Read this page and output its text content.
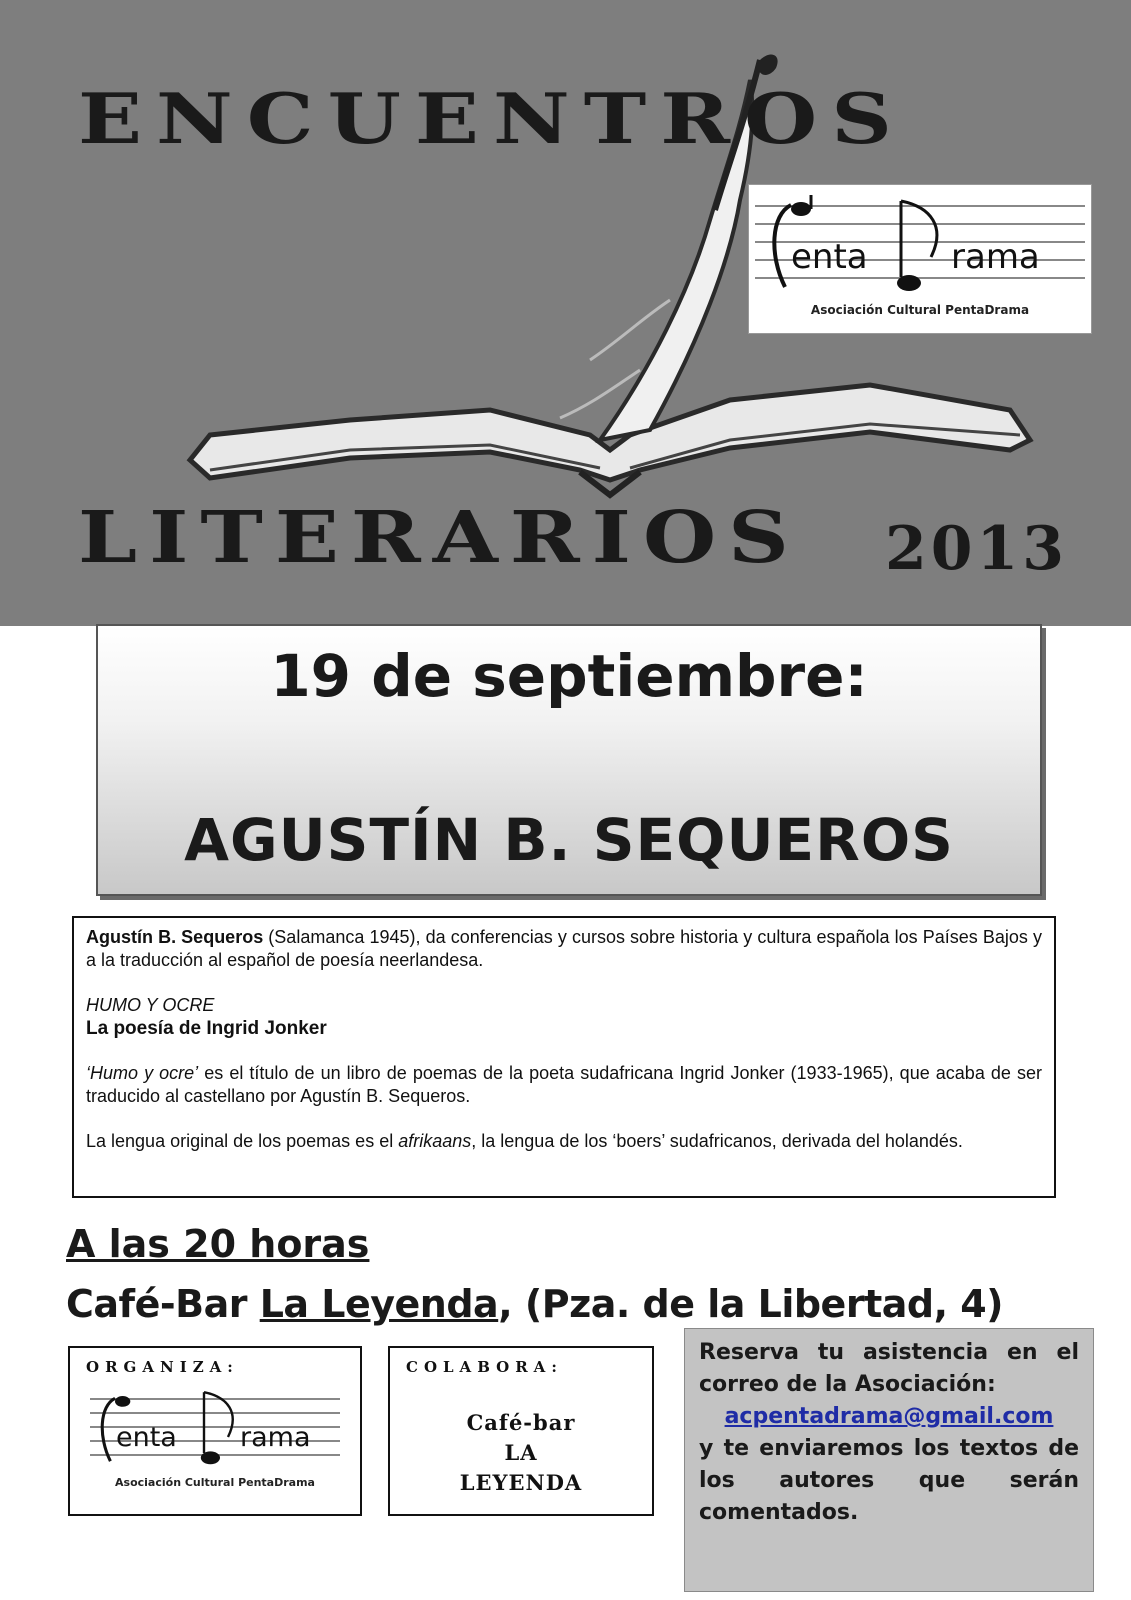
ENCUENTROS
LITERARIOS 2013
enta rama
Asociación Cultural PentaDrama
19 de septiembre:
AGUSTÍN B. SEQUEROS

Agustín B. Sequeros (Salamanca 1945), da conferencias y cursos sobre historia y cultura española los Países Bajos y a la traducción al español de poesía neerlandesa.

HUMO Y OCRE
La poesía de Ingrid Jonker

‘Humo y ocre’ es el título de un libro de poemas de la poeta sudafricana Ingrid Jonker (1933-1965), que acaba de ser traducido al castellano por Agustín B. Sequeros.

La lengua original de los poemas es el afrikaans, la lengua de los ‘boers’ sudafricanos, derivada del holandés.

A las 20 horas
Café-Bar La Leyenda, (Pza. de la Libertad, 4)
ORGANIZA:
enta rama
Asociación Cultural PentaDrama
COLABORA:
Café-bar
LA
LEYENDA
Reserva tu asistencia en el correo de la Asociación:
acpentadrama@gmail.com
y te enviaremos los textos de los autores que serán comentados.
